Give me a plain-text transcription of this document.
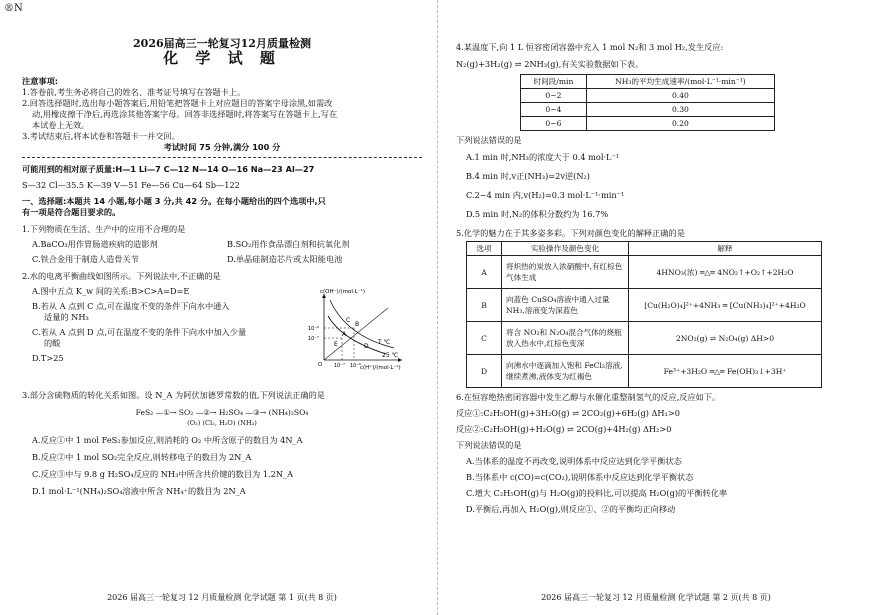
®N
2026届高三一轮复习12月质量检测
化 学 试 题

注意事项:

1.答卷前,考生务必将自己的姓名、准考证号填写在答题卡上。

2.回答选择题时,选出每小题答案后,用铅笔把答题卡上对应题目的答案字母涂黑,如需改

动,用橡皮擦干净后,再选涂其他答案字母。回答非选择题时,将答案写在答题卡上,写在

本试卷上无效。

3.考试结束后,将本试卷和答题卡一并交回。

考试时间 75 分钟,满分 100 分

可能用到的相对原子质量:H—1 Li—7 C—12 N—14 O—16 Na—23 Al—27

S—32 Cl—35.5 K—39 V—51 Fe—56 Cu—64 Sb—122

一、选择题:本题共 14 小题,每小题 3 分,共 42 分。在每小题给出的四个选项中,只

有一项是符合题目要求的。

1.下列物质在生活、生产中的应用不合理的是

A.BaCO₃用作胃肠道疾病的造影剂	B.SO₂用作食品漂白剂和抗氧化剂
C.铁合金用于制造人造骨关节	D.单晶硅制造芯片或太阳能电池

2.水的电离平衡曲线如图所示。下列说法中,不正确的是

A.图中五点 K_w 间的关系:B>C>A=D=E

B.若从 A 点到 C 点,可在温度不变的条件下向水中通入

适量的 NH₃

C.若从 A 点到 D 点,可在温度不变的条件下向水中加入少量

的酸

D.T>25

c(OH⁻)/(mol·L⁻¹)
c(H⁺)/(mol·L⁻¹)
10⁻⁶
10⁻⁷
10⁻⁷ 10⁻⁶
O
T ℃
25 ℃
A
B
C
D
E

3.部分含硫物质的转化关系如图。设 N_A 为阿伏加德罗常数的值,下列说法正确的是

FeS₂ —①→ SO₂ —②→ H₂SO₄ —③→ (NH₄)₂SO₄

(O₂) (Cl₂, H₂O) (NH₃)

A.反应①中 1 mol FeS₂参加反应,则消耗的 O₂ 中所含原子的数目为 4N_A

B.反应②中 1 mol SO₂完全反应,则转移电子的数目为 2N_A

C.反应③中与 9.8 g H₂SO₄反应的 NH₃中所含共价键的数目为 1.2N_A

D.1 mol·L⁻¹(NH₄)₂SO₄溶液中所含 NH₄⁺的数目为 2N_A

2026 届高三一轮复习 12 月质量检测 化学试题 第 1 页(共 8 页)

4.某温度下,向 1 L 恒容密闭容器中充入 1 mol N₂和 3 mol H₂,发生反应:

N₂(g)+3H₂(g) ⇌ 2NH₃(g),有关实验数据如下表。

时间段/min	NH₃的平均生成速率/(mol·L⁻¹·min⁻¹)
0~2	0.40
0~4	0.30
0~6	0.20

下列说法错误的是

A.1 min 时,NH₃的浓度大于 0.4 mol·L⁻¹

B.4 min 时,v正(NH₃)=2v逆(N₂)

C.2~4 min 内,v(H₂)=0.3 mol·L⁻¹·min⁻¹

D.5 min 时,N₂的体积分数约为 16.7%

5.化学的魅力在于其多姿多彩。下列对颜色变化的解释正确的是

选项	实验操作及颜色变化	解释
A	将炽热的炭放入浓硝酸中,有红棕色气体生成	4HNO₃(浓) ═△═ 4NO₂↑+O₂↑+2H₂O
B	向蓝色 CuSO₄溶液中通入过量 NH₃,溶液变为深蓝色	[Cu(H₂O)₄]²⁺+4NH₃ ═ [Cu(NH₃)₄]²⁺+4H₂O
C	将含 NO₂和 N₂O₄混合气体的烧瓶放入热水中,红棕色变深	2NO₂(g) ⇌ N₂O₄(g) ΔH>0
D	向沸水中逐滴加入饱和 FeCl₃溶液,继续煮沸,液体变为红褐色	Fe³⁺+3H₂O ═△═ Fe(OH)₃↓+3H⁺

6.在恒容绝热密闭容器中发生乙醇与水催化重整制氢气的反应,反应如下。

反应①:C₂H₅OH(g)+3H₂O(g) ⇌ 2CO₂(g)+6H₂(g) ΔH₁>0

反应②:C₂H₅OH(g)+H₂O(g) ⇌ 2CO(g)+4H₂(g) ΔH₂>0

下列说法错误的是

A.当体系的温度不再改变,说明体系中反应达到化学平衡状态

B.当体系中 c(CO)=c(CO₂),说明体系中反应达到化学平衡状态

C.增大 C₂H₅OH(g)与 H₂O(g)的投料比,可以提高 H₂O(g)的平衡转化率

D.平衡后,再加入 H₂O(g),则反应①、②的平衡均正向移动

2026 届高三一轮复习 12 月质量检测 化学试题 第 2 页(共 8 页)
